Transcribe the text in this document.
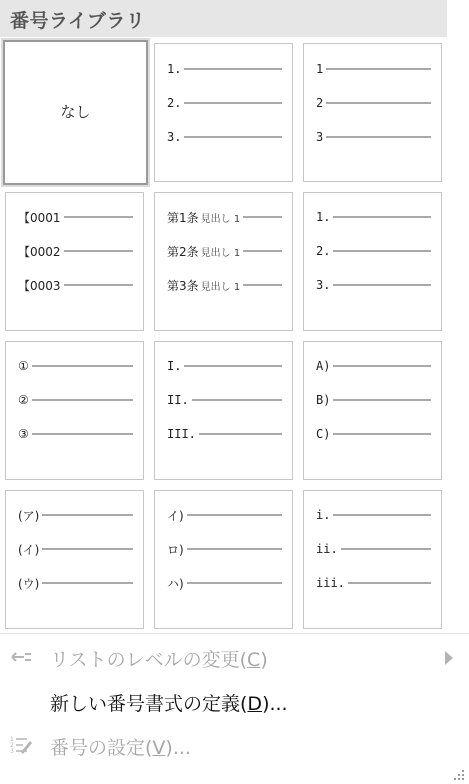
番号ライブラリ
なし
1.
2.
3.
1
2
3
【0001
【0002
【0003
第1条 見出し 1
第2条 見出し 1
第3条 見出し 1
1.
2.
3.
①
②
③
I.
II.
III.
A)
B)
C)
(ア)
(イ)
(ウ)
イ)
ロ)
ハ)
i.
ii.
iii.
リストのレベルの変更(C)
新しい番号書式の定義(D)...
1
2
3 番号の設定(V)...
